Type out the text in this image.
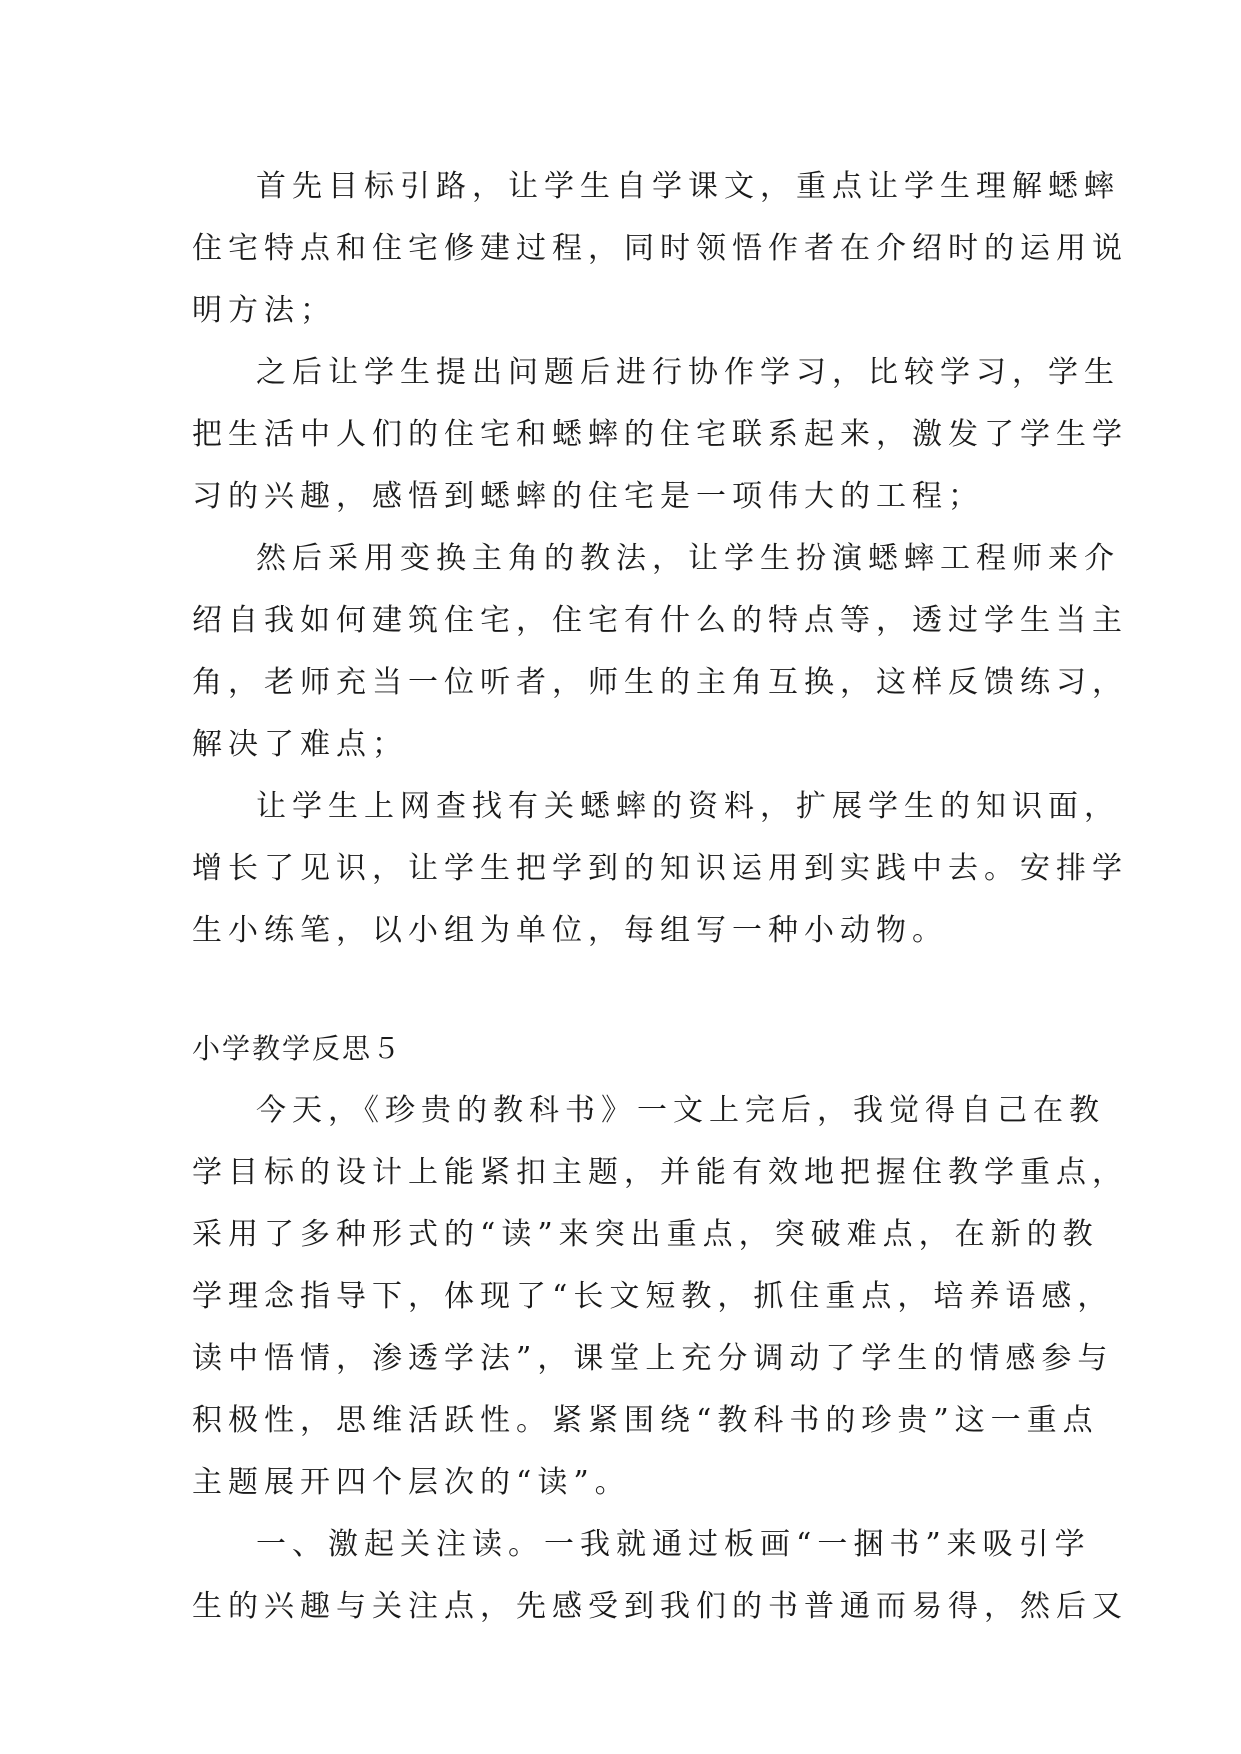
首先目标引路，让学生自学课文，重点让学生理解蟋蟀
住宅特点和住宅修建过程，同时领悟作者在介绍时的运用说
明方法；
之后让学生提出问题后进行协作学习，比较学习，学生
把生活中人们的住宅和蟋蟀的住宅联系起来，激发了学生学
习的兴趣，感悟到蟋蟀的住宅是一项伟大的工程；
然后采用变换主角的教法，让学生扮演蟋蟀工程师来介
绍自我如何建筑住宅，住宅有什么的特点等，透过学生当主
角，老师充当一位听者，师生的主角互换，这样反馈练习，
解决了难点；
让学生上网查找有关蟋蟀的资料，扩展学生的知识面，
增长了见识，让学生把学到的知识运用到实践中去。安排学
生小练笔，以小组为单位，每组写一种小动物。
小学教学反思５
今天，《珍贵的教科书》一文上完后，我觉得自己在教
学目标的设计上能紧扣主题，并能有效地把握住教学重点，
采用了多种形式的“读”来突出重点，突破难点，在新的教
学理念指导下，体现了“长文短教，抓住重点，培养语感，
读中悟情，渗透学法”，课堂上充分调动了学生的情感参与
积极性，思维活跃性。紧紧围绕“教科书的珍贵”这一重点
主题展开四个层次的“读”。
一、激起关注读。一我就通过板画“一捆书”来吸引学
生的兴趣与关注点，先感受到我们的书普通而易得，然后又
